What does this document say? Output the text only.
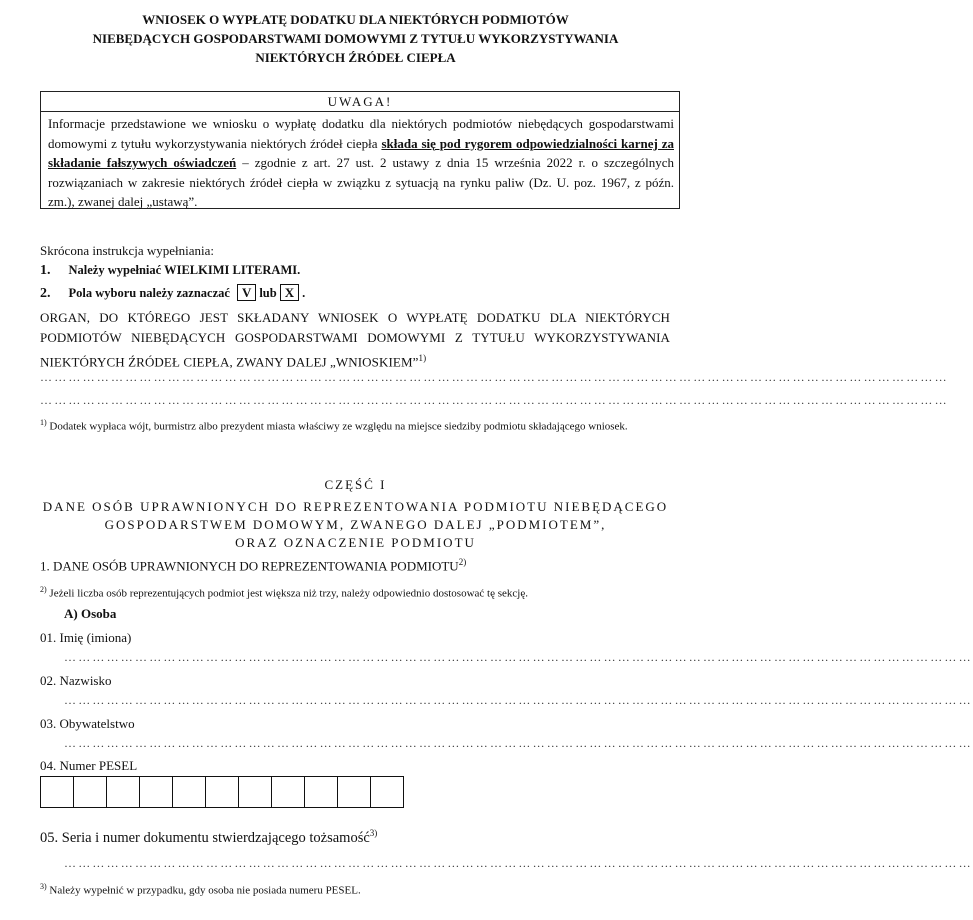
WNIOSEK O WYPŁATĘ DODATKU DLA NIEKTÓRYCH PODMIOTÓW
NIEBĘDĄCYCH GOSPODARSTWAMI DOMOWYMI Z TYTUŁU WYKORZYSTYWANIA
NIEKTÓRYCH ŹRÓDEŁ CIEPŁA
UWAGA!
Informacje przedstawione we wniosku o wypłatę dodatku dla niektórych podmiotów niebędących gospodarstwami domowymi z tytułu wykorzystywania niektórych źródeł ciepła składa się pod rygorem odpowiedzialności karnej za składanie fałszywych oświadczeń – zgodnie z art. 27 ust. 2 ustawy z dnia 15 września 2022 r. o szczególnych rozwiązaniach w zakresie niektórych źródeł ciepła w związku z sytuacją na rynku paliw (Dz. U. poz. 1967, z późn. zm.), zwanej dalej „ustawą”.
Skrócona instrukcja wypełniania:
1. Należy wypełniać WIELKIMI LITERAMI.
2. Pola wyboru należy zaznaczać V lub X .
ORGAN, DO KTÓREGO JEST SKŁADANY WNIOSEK O WYPŁATĘ DODATKU DLA NIEKTÓRYCH PODMIOTÓW NIEBĘDĄCYCH GOSPODARSTWAMI DOMOWYMI Z TYTUŁU WYKORZYSTYWANIA NIEKTÓRYCH ŹRÓDEŁ CIEPŁA, ZWANY DALEJ „WNIOSKIEM”$^{1)}$
…………………………………………………………………………………………………………………………………………………………………………
…………………………………………………………………………………………………………………………………………………………………………
$^{1)}$ Dodatek wypłaca wójt, burmistrz albo prezydent miasta właściwy ze względu na miejsce siedziby podmiotu składającego wniosek.
CZĘŚĆ I
DANE OSÓB UPRAWNIONYCH DO REPREZENTOWANIA PODMIOTU NIEBĘDĄCEGO
GOSPODARSTWEM DOMOWYM, ZWANEGO DALEJ „PODMIOTEM”,
ORAZ OZNACZENIE PODMIOTU
1. DANE OSÓB UPRAWNIONYCH DO REPREZENTOWANIA PODMIOTU$^{2)}$
$^{2)}$ Jeżeli liczba osób reprezentujących podmiot jest większa niż trzy, należy odpowiednio dostosować tę sekcję.
A) Osoba
01. Imię (imiona)
…………………………………………………………………………………………………………………………………………………………………………
02. Nazwisko
…………………………………………………………………………………………………………………………………………………………………………
03. Obywatelstwo
…………………………………………………………………………………………………………………………………………………………………………
04. Numer PESEL
05. Seria i numer dokumentu stwierdzającego tożsamość$^{3)}$
…………………………………………………………………………………………………………………………………………………………………………
$^{3)}$ Należy wypełnić w przypadku, gdy osoba nie posiada numeru PESEL.
